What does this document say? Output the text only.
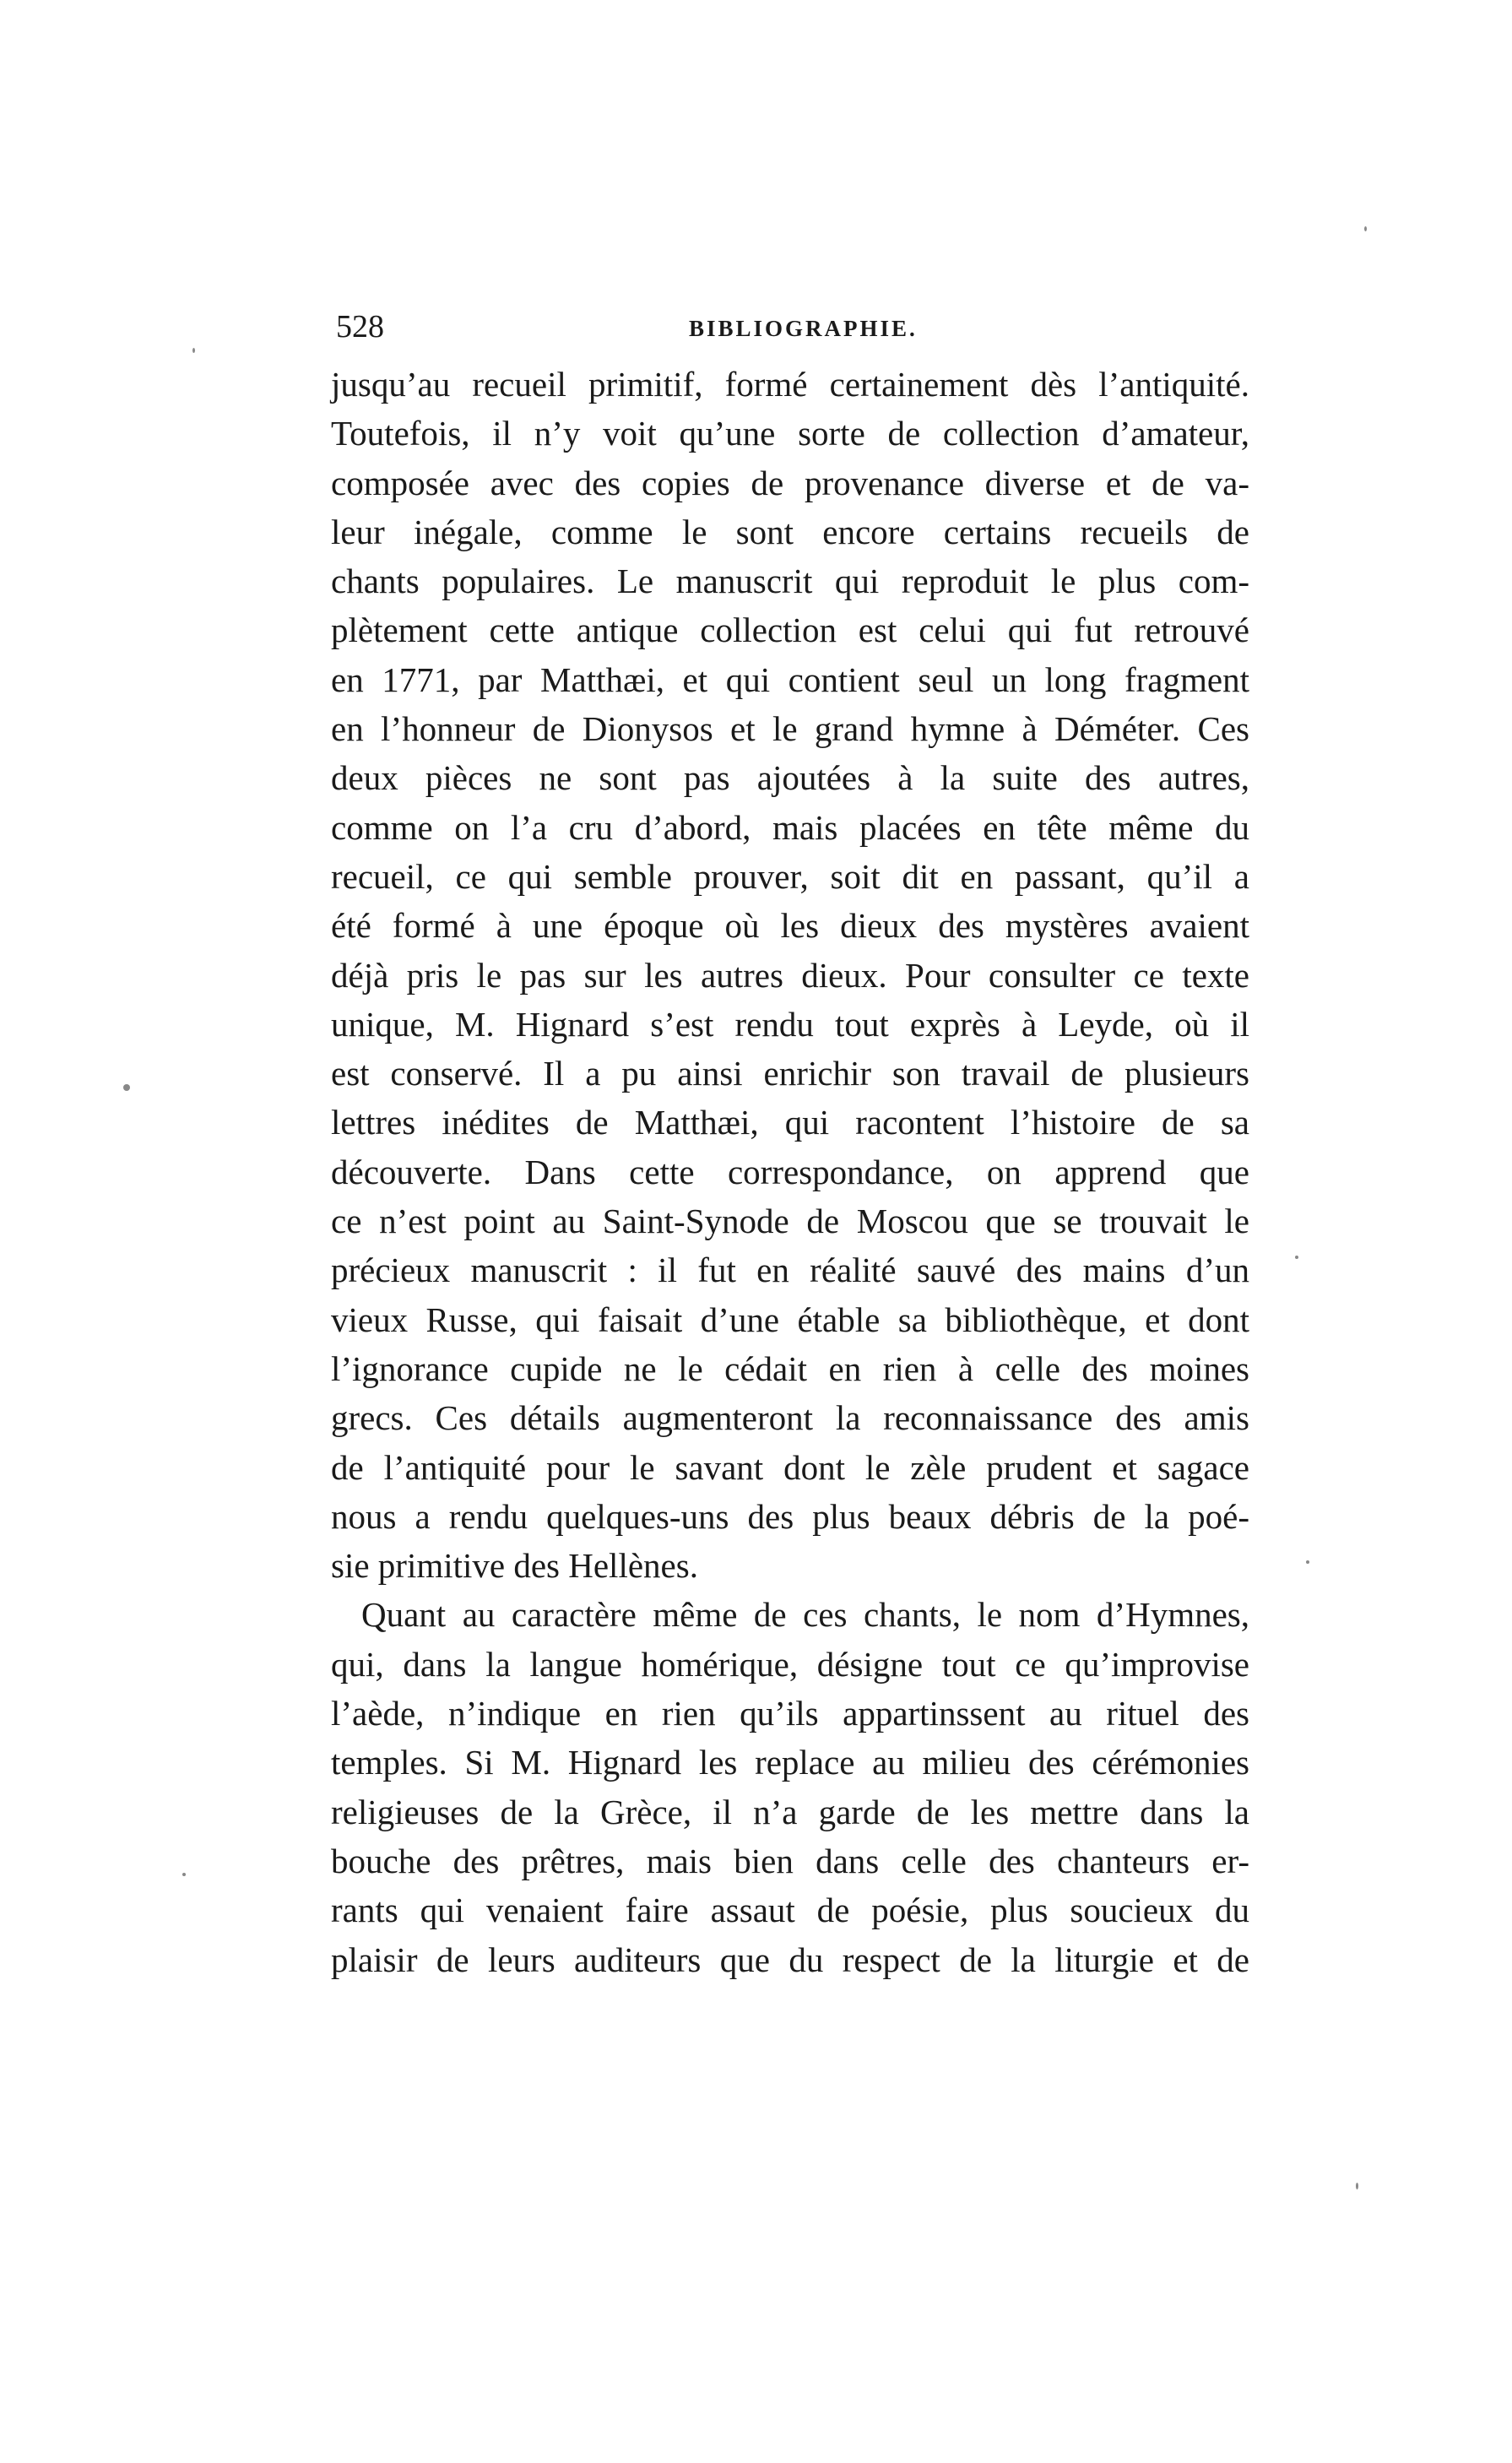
528	BIBLIOGRAPHIE.
jusqu’au recueil primitif, formé certainement dès l’antiquité.
Toutefois, il n’y voit qu’une sorte de collection d’amateur,
composée avec des copies de provenance diverse et de va-
leur inégale, comme le sont encore certains recueils de
chants populaires. Le manuscrit qui reproduit le plus com-
plètement cette antique collection est celui qui fut retrouvé
en 1771, par Matthæi, et qui contient seul un long fragment
en l’honneur de Dionysos et le grand hymne à Déméter. Ces
deux pièces ne sont pas ajoutées à la suite des autres,
comme on l’a cru d’abord, mais placées en tête même du
recueil, ce qui semble prouver, soit dit en passant, qu’il a
été formé à une époque où les dieux des mystères avaient
déjà pris le pas sur les autres dieux. Pour consulter ce texte
unique, M. Hignard s’est rendu tout exprès à Leyde, où il
est conservé. Il a pu ainsi enrichir son travail de plusieurs
lettres inédites de Matthæi, qui racontent l’histoire de sa
découverte. Dans cette correspondance, on apprend que
ce n’est point au Saint-Synode de Moscou que se trouvait le
précieux manuscrit : il fut en réalité sauvé des mains d’un
vieux Russe, qui faisait d’une étable sa bibliothèque, et dont
l’ignorance cupide ne le cédait en rien à celle des moines
grecs. Ces détails augmenteront la reconnaissance des amis
de l’antiquité pour le savant dont le zèle prudent et sagace
nous a rendu quelques-uns des plus beaux débris de la poé-
sie primitive des Hellènes.
Quant au caractère même de ces chants, le nom d’Hymnes,
qui, dans la langue homérique, désigne tout ce qu’improvise
l’aède, n’indique en rien qu’ils appartinssent au rituel des
temples. Si M. Hignard les replace au milieu des cérémonies
religieuses de la Grèce, il n’a garde de les mettre dans la
bouche des prêtres, mais bien dans celle des chanteurs er-
rants qui venaient faire assaut de poésie, plus soucieux du
plaisir de leurs auditeurs que du respect de la liturgie et de
